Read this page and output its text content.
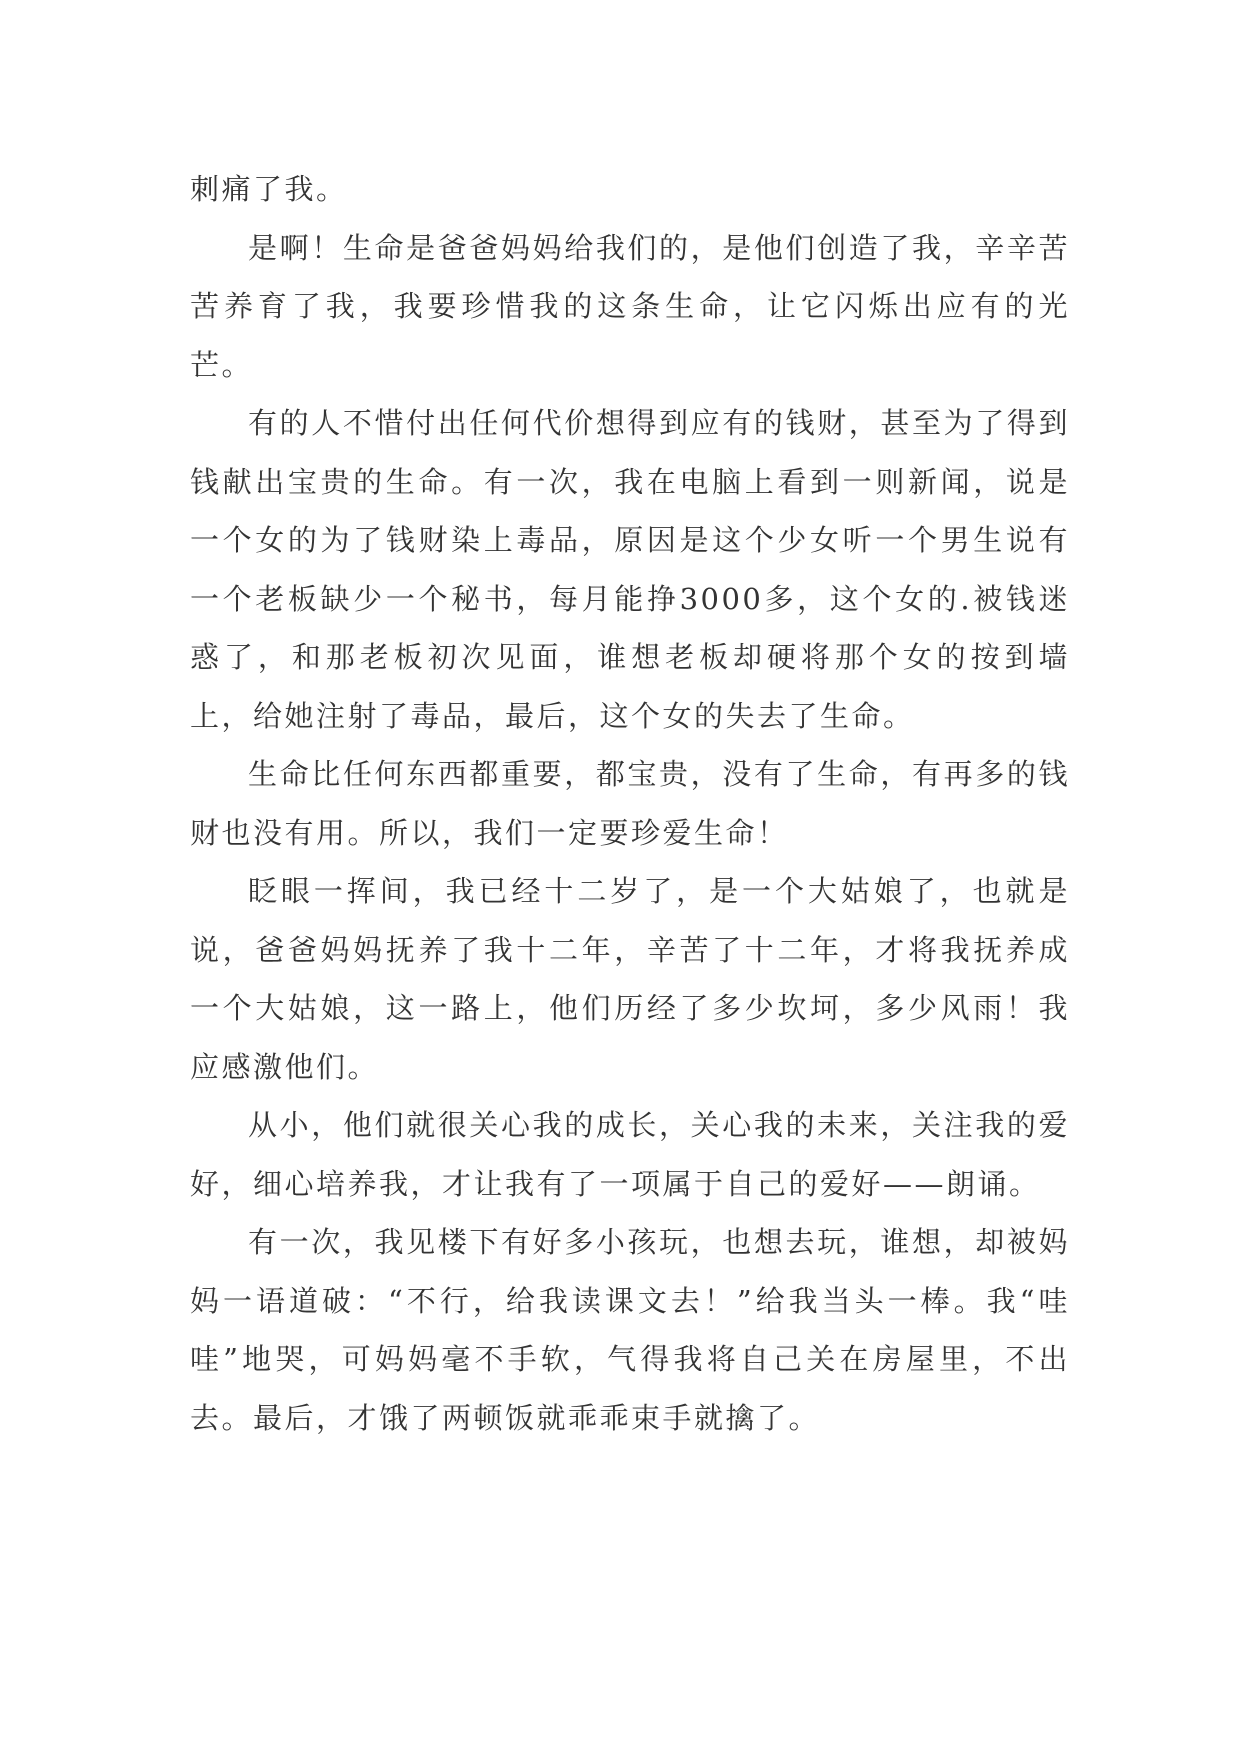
刺痛了我。

是啊！生命是爸爸妈妈给我们的，是他们创造了我，辛辛苦苦养育了我，我要珍惜我的这条生命，让它闪烁出应有的光芒。

有的人不惜付出任何代价想得到应有的钱财，甚至为了得到钱献出宝贵的生命。有一次，我在电脑上看到一则新闻，说是一个女的为了钱财染上毒品，原因是这个少女听一个男生说有一个老板缺少一个秘书，每月能挣3000多，这个女的.被钱迷惑了，和那老板初次见面，谁想老板却硬将那个女的按到墙上，给她注射了毒品，最后，这个女的失去了生命。

生命比任何东西都重要，都宝贵，没有了生命，有再多的钱财也没有用。所以，我们一定要珍爱生命！

眨眼一挥间，我已经十二岁了，是一个大姑娘了，也就是说，爸爸妈妈抚养了我十二年，辛苦了十二年，才将我抚养成一个大姑娘，这一路上，他们历经了多少坎坷，多少风雨！我应感激他们。

从小，他们就很关心我的成长，关心我的未来，关注我的爱好，细心培养我，才让我有了一项属于自己的爱好——朗诵。

有一次，我见楼下有好多小孩玩，也想去玩，谁想，却被妈妈一语道破：“不行，给我读课文去！”给我当头一棒。我“哇哇”地哭，可妈妈毫不手软，气得我将自己关在房屋里，不出去。最后，才饿了两顿饭就乖乖束手就擒了。
